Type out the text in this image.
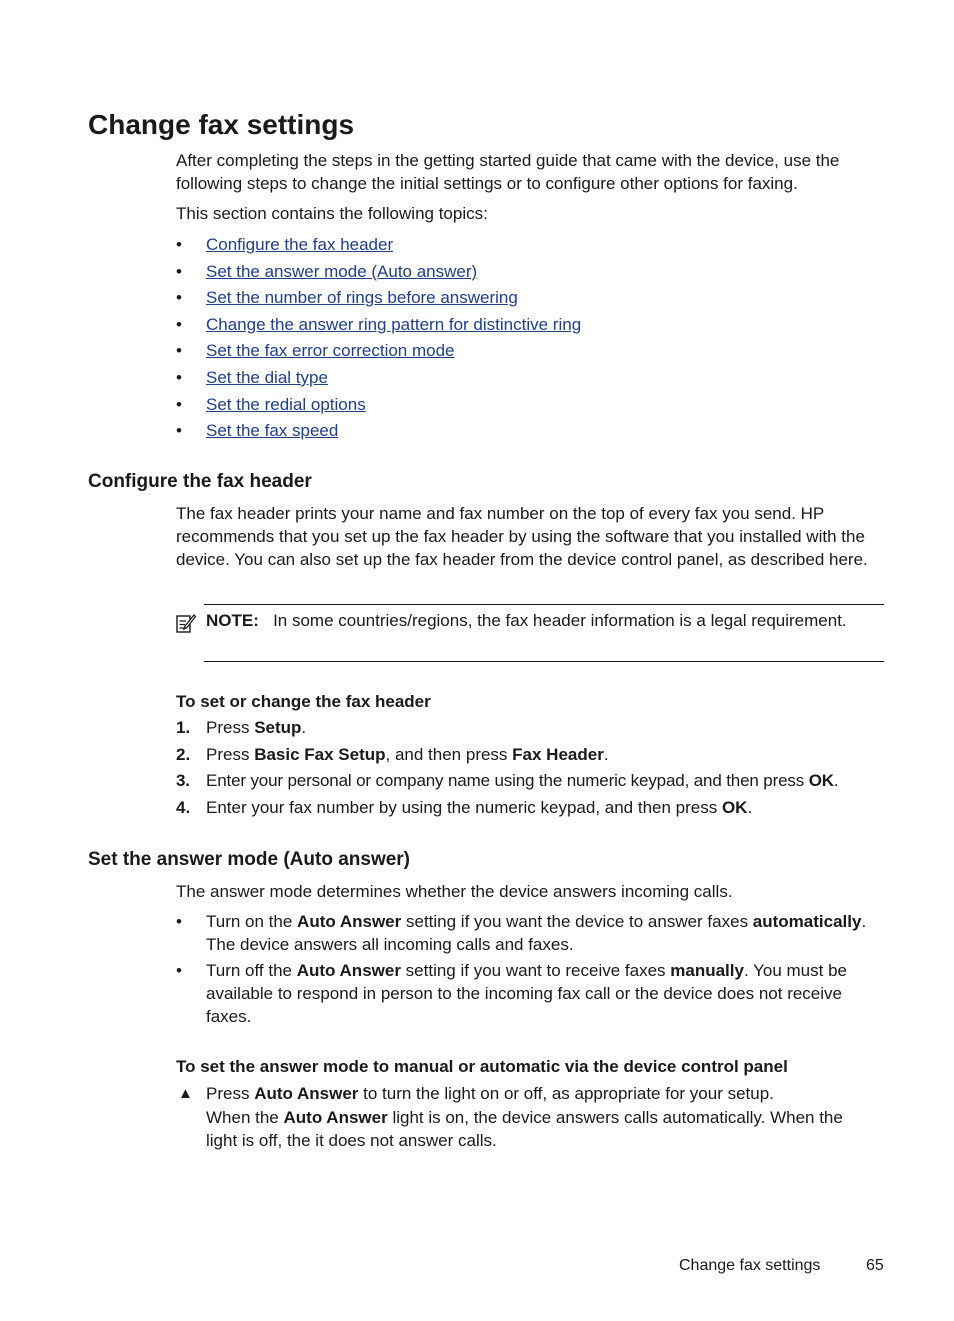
Change fax settings

After completing the steps in the getting started guide that came with the device, use the following steps to change the initial settings or to configure other options for faxing.

This section contains the following topics:

• Configure the fax header
• Set the answer mode (Auto answer)
• Set the number of rings before answering
• Change the answer ring pattern for distinctive ring
• Set the fax error correction mode
• Set the dial type
• Set the redial options
• Set the fax speed
Configure the fax header

The fax header prints your name and fax number on the top of every fax you send. HP recommends that you set up the fax header by using the software that you installed with the device. You can also set up the fax header from the device control panel, as described here.

NOTE: In some countries/regions, the fax header information is a legal requirement.

To set or change the fax header

1. Press Setup.
2. Press Basic Fax Setup, and then press Fax Header.
3. Enter your personal or company name using the numeric keypad, and then press OK.
4. Enter your fax number by using the numeric keypad, and then press OK.
Set the answer mode (Auto answer)

The answer mode determines whether the device answers incoming calls.

• Turn on the Auto Answer setting if you want the device to answer faxes automatically. The device answers all incoming calls and faxes.
• Turn off the Auto Answer setting if you want to receive faxes manually. You must be available to respond in person to the incoming fax call or the device does not receive faxes.

To set the answer mode to manual or automatic via the device control panel

▲ Press Auto Answer to turn the light on or off, as appropriate for your setup.
When the Auto Answer light is on, the device answers calls automatically. When the light is off, the it does not answer calls.
Change fax settings	65
